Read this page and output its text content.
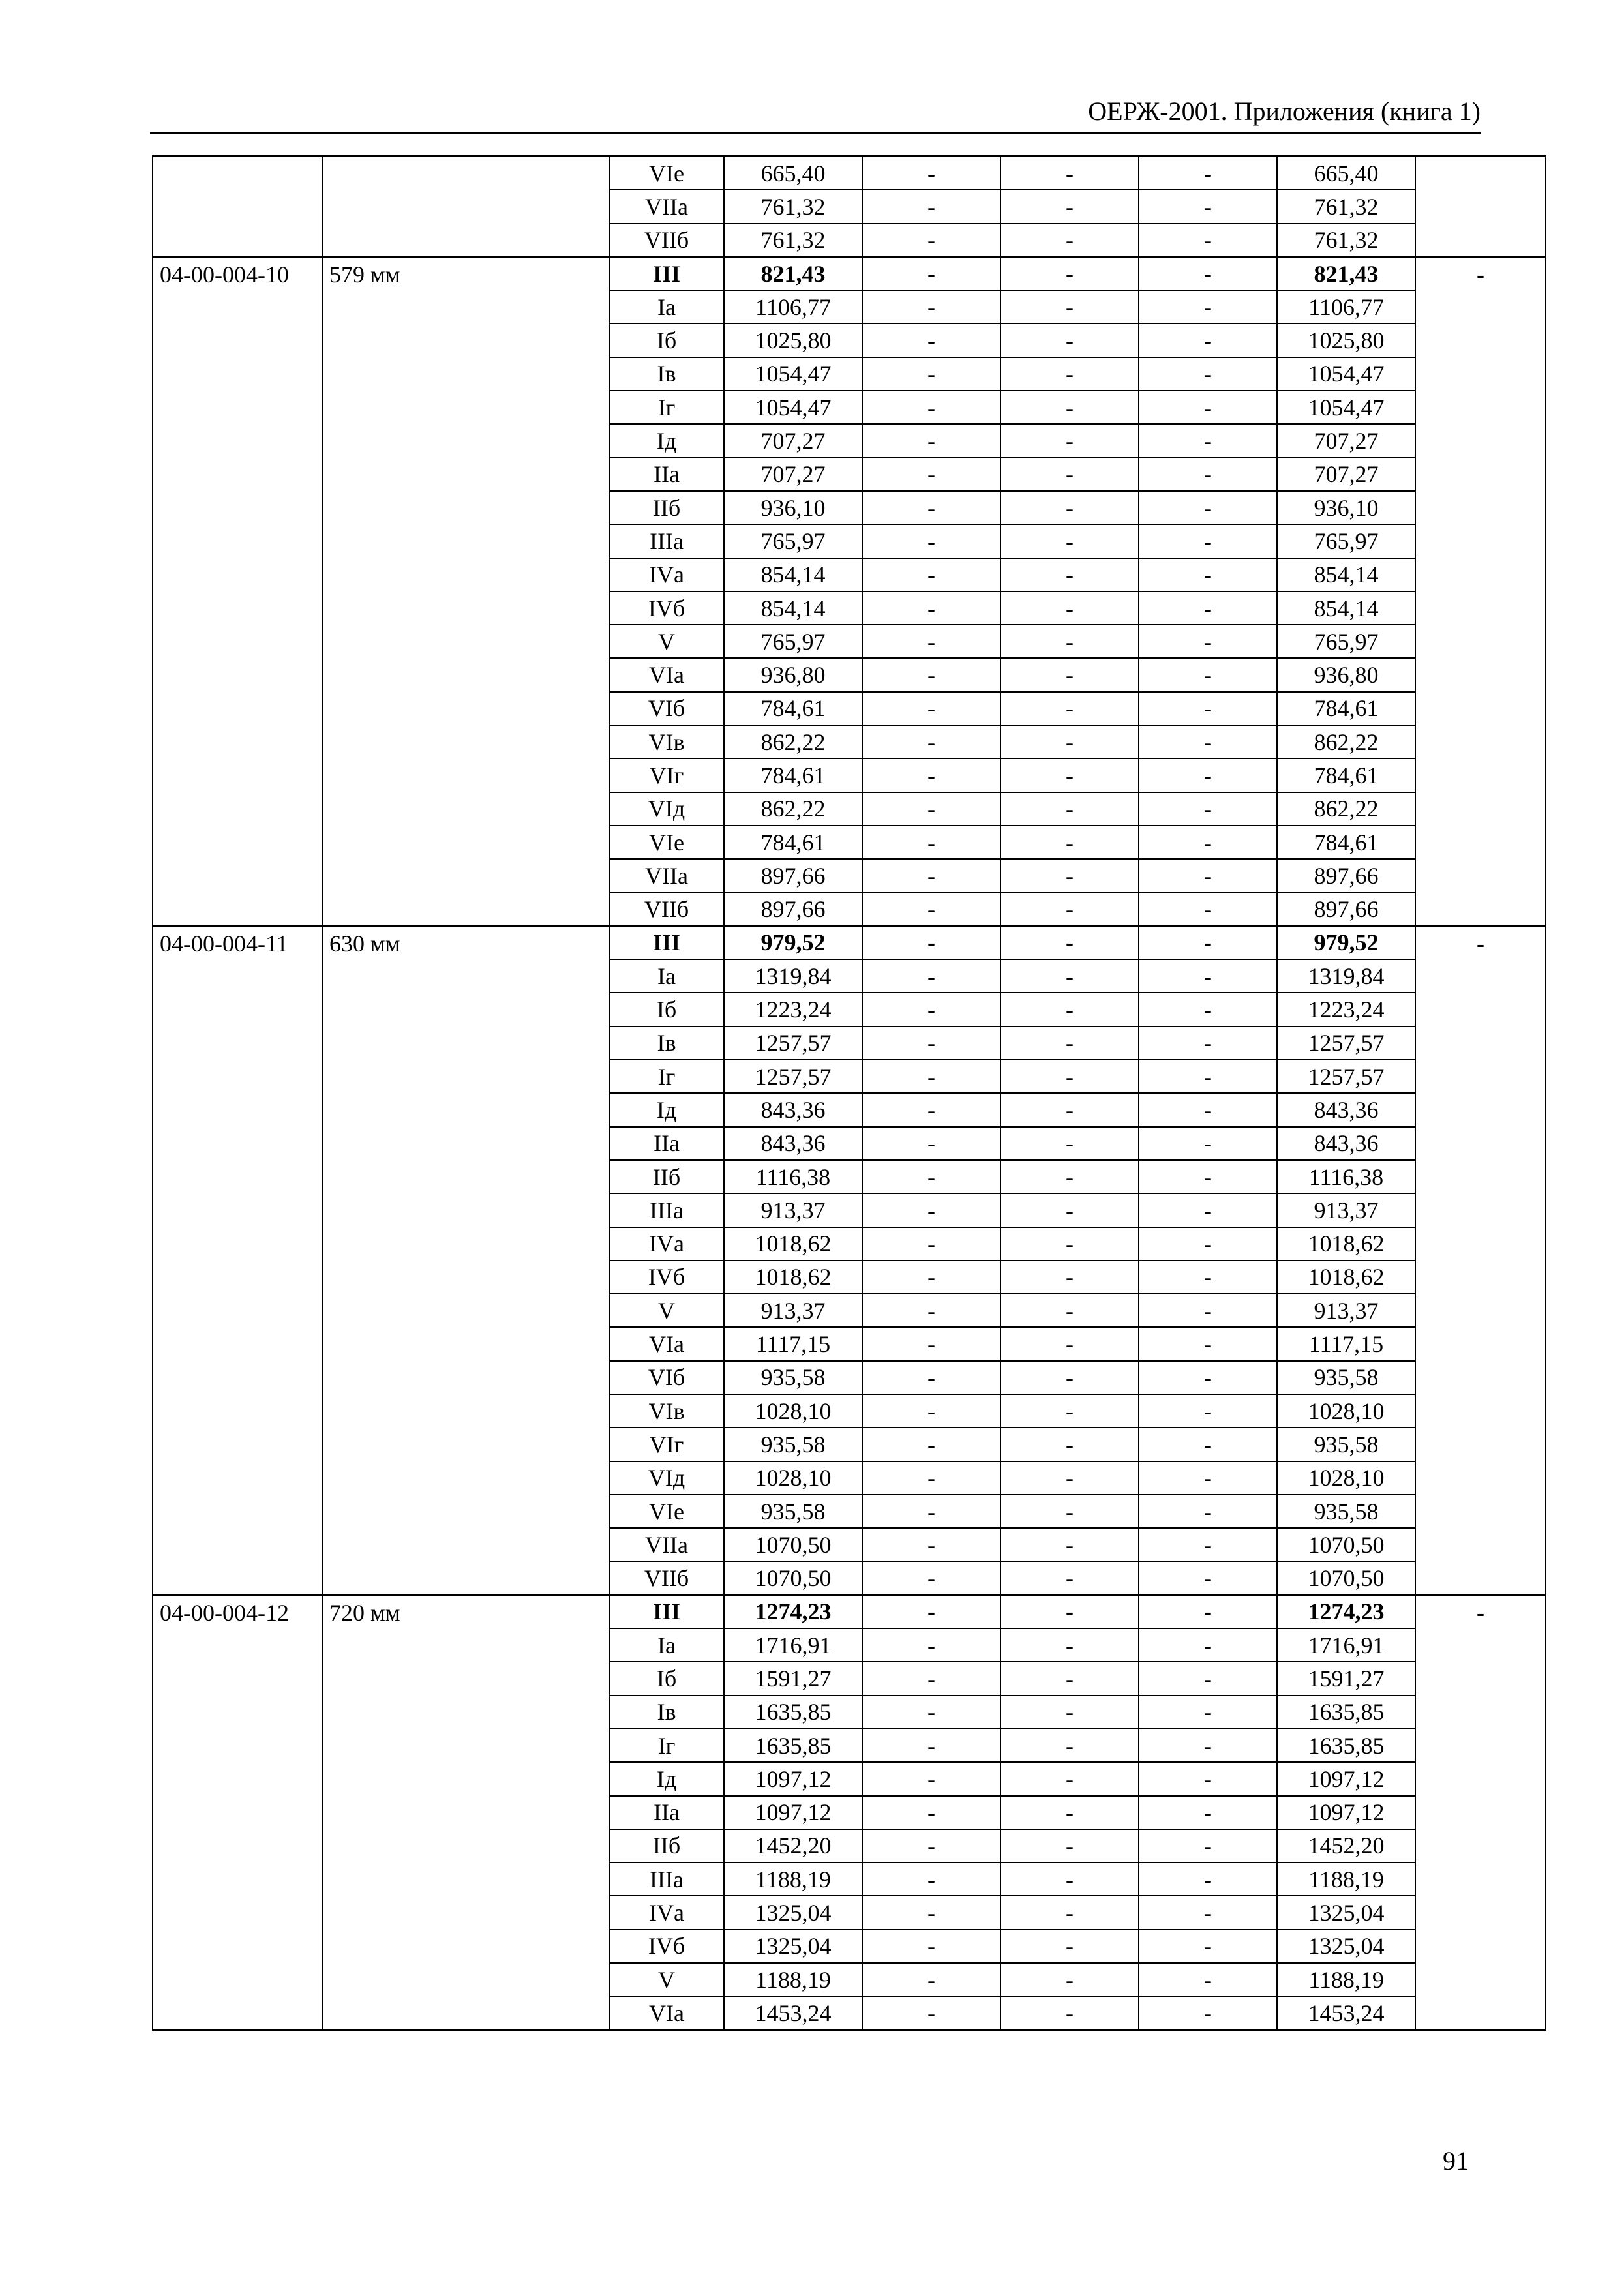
ОЕРЖ-2001. Приложения (книга 1)
		VIе	665,40	-	-	-	665,40	
		VIIа	761,32	-	-	-	761,32	
		VIIб	761,32	-	-	-	761,32	
04-00-004-10	579 мм	III	821,43	-	-	-	821,43	-
		Iа	1106,77	-	-	-	1106,77	
		Iб	1025,80	-	-	-	1025,80	
		Iв	1054,47	-	-	-	1054,47	
		Iг	1054,47	-	-	-	1054,47	
		Iд	707,27	-	-	-	707,27	
		IIа	707,27	-	-	-	707,27	
		IIб	936,10	-	-	-	936,10	
		IIIа	765,97	-	-	-	765,97	
		IVа	854,14	-	-	-	854,14	
		IVб	854,14	-	-	-	854,14	
		V	765,97	-	-	-	765,97	
		VIа	936,80	-	-	-	936,80	
		VIб	784,61	-	-	-	784,61	
		VIв	862,22	-	-	-	862,22	
		VIг	784,61	-	-	-	784,61	
		VIд	862,22	-	-	-	862,22	
		VIе	784,61	-	-	-	784,61	
		VIIа	897,66	-	-	-	897,66	
		VIIб	897,66	-	-	-	897,66	
04-00-004-11	630 мм	III	979,52	-	-	-	979,52	-
		Iа	1319,84	-	-	-	1319,84	
		Iб	1223,24	-	-	-	1223,24	
		Iв	1257,57	-	-	-	1257,57	
		Iг	1257,57	-	-	-	1257,57	
		Iд	843,36	-	-	-	843,36	
		IIа	843,36	-	-	-	843,36	
		IIб	1116,38	-	-	-	1116,38	
		IIIа	913,37	-	-	-	913,37	
		IVа	1018,62	-	-	-	1018,62	
		IVб	1018,62	-	-	-	1018,62	
		V	913,37	-	-	-	913,37	
		VIа	1117,15	-	-	-	1117,15	
		VIб	935,58	-	-	-	935,58	
		VIв	1028,10	-	-	-	1028,10	
		VIг	935,58	-	-	-	935,58	
		VIд	1028,10	-	-	-	1028,10	
		VIе	935,58	-	-	-	935,58	
		VIIа	1070,50	-	-	-	1070,50	
		VIIб	1070,50	-	-	-	1070,50	
04-00-004-12	720 мм	III	1274,23	-	-	-	1274,23	-
		Iа	1716,91	-	-	-	1716,91	
		Iб	1591,27	-	-	-	1591,27	
		Iв	1635,85	-	-	-	1635,85	
		Iг	1635,85	-	-	-	1635,85	
		Iд	1097,12	-	-	-	1097,12	
		IIа	1097,12	-	-	-	1097,12	
		IIб	1452,20	-	-	-	1452,20	
		IIIа	1188,19	-	-	-	1188,19	
		IVа	1325,04	-	-	-	1325,04	
		IVб	1325,04	-	-	-	1325,04	
		V	1188,19	-	-	-	1188,19	
		VIа	1453,24	-	-	-	1453,24	
91
